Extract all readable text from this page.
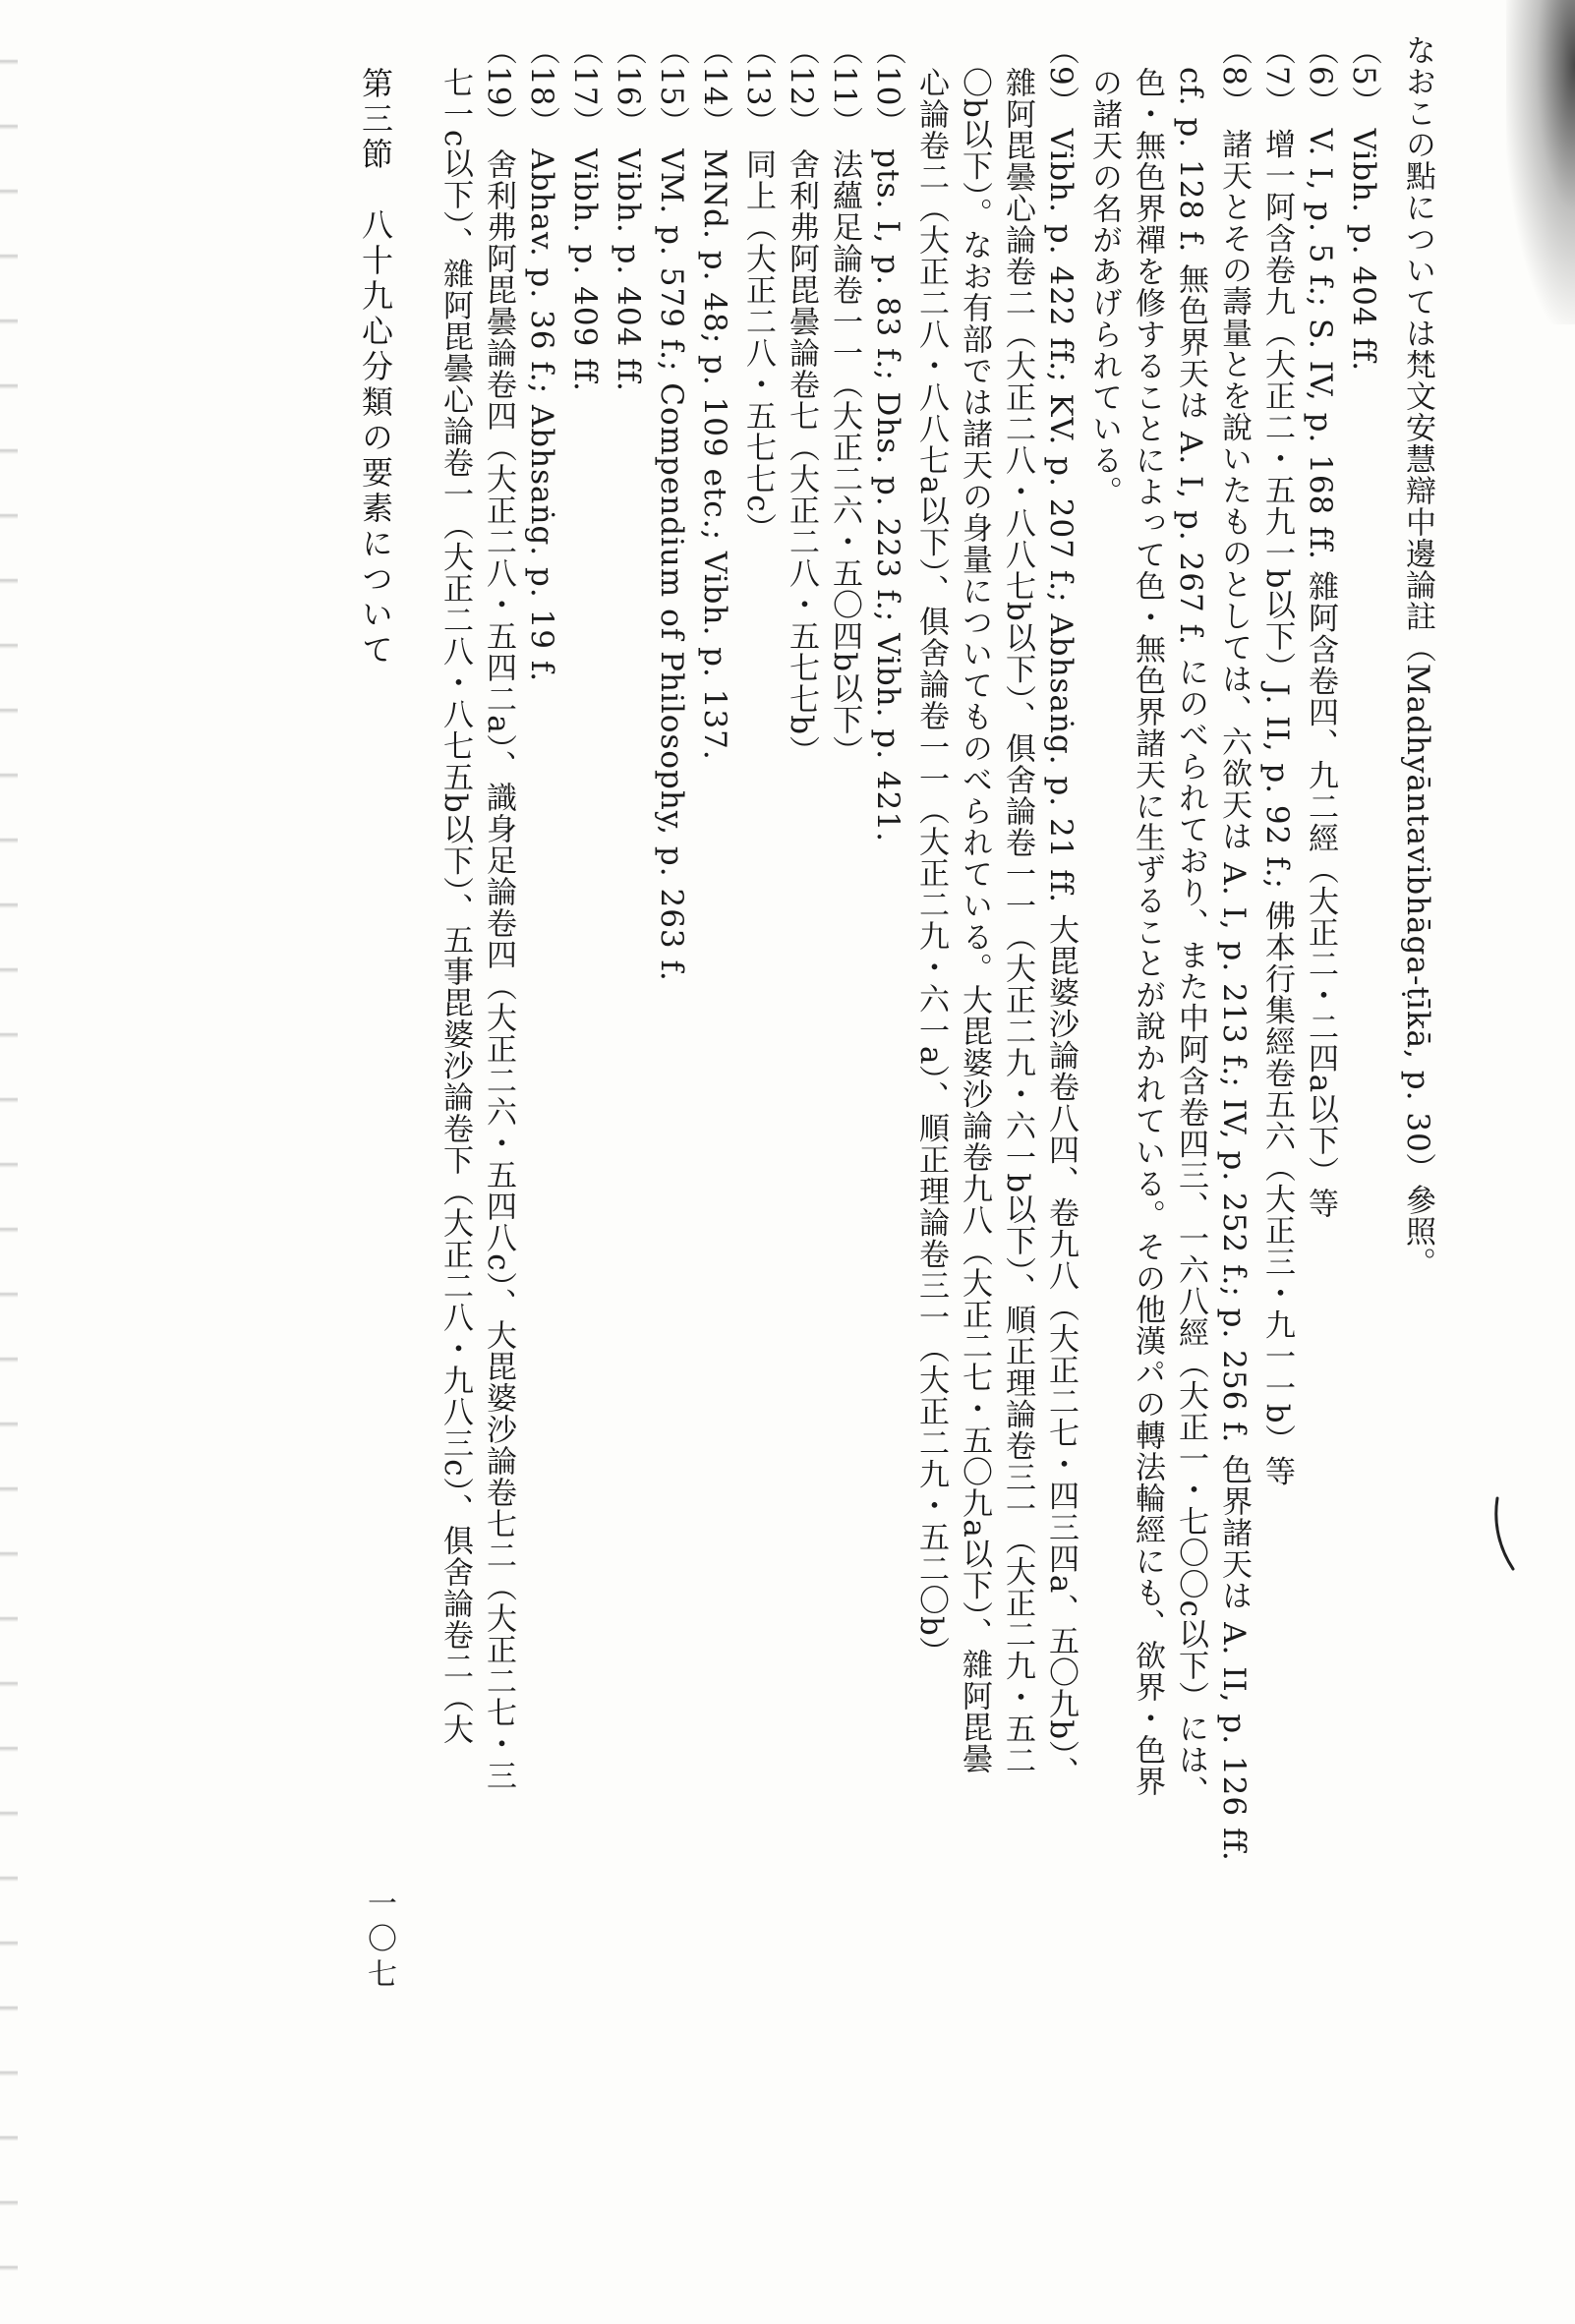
なおこの點については梵文安慧辯中邊論註（Madhyāntavibhāga-ṭīkā, p. 30）參照。
（5） Vibh. p. 404 ff.
（6） V. I, p. 5 f.; S. IV, p. 168 ff. 雜阿含卷四、九二經（大正二・二四a以下）等
（7） 增一阿含卷九（大正二・五九一b以下）J. II, p. 92 f.; 佛本行集經卷五六（大正三・九一一b）等
（8） 諸天とその壽量とを說いたものとしては、六欲天は A. I, p. 213 f.; IV, p. 252 f.; p. 256 f. 色界諸天は A. II, p. 126 ff.
cf. p. 128 f. 無色界天は A. I, p. 267 f. にのべられており、また中阿含卷四三、一六八經（大正一・七〇〇c以下）には、
色・無色界禪を修することによって色・無色界諸天に生ずることが說かれている。その他漢パの轉法輪經にも、欲界・色界
の諸天の名があげられている。
（9） Vibh. p. 422 ff.; KV. p. 207 f.; Abhsaṅg. p. 21 ff. 大毘婆沙論卷八四、卷九八（大正二七・四三四a、五〇九b）、
雜阿毘曇心論卷二（大正二八・八八七b以下）、俱舍論卷一一（大正二九・六一b以下）、順正理論卷三一（大正二九・五二
〇b以下）。なお有部では諸天の身量についてものべられている。大毘婆沙論卷九八（大正二七・五〇九a以下）、雜阿毘曇
心論卷二（大正二八・八八七a以下）、俱舍論卷一一（大正二九・六一a）、順正理論卷三一（大正二九・五二〇b）
（10） pts. I, p. 83 f.; Dhs. p. 223 f.; Vibh. p. 421.
（11） 法蘊足論卷一一（大正二六・五〇四b以下）
（12） 舍利弗阿毘曇論卷七（大正二八・五七七b）
（13） 同上（大正二八・五七七c）
（14） MNd. p. 48; p. 109 etc.; Vibh. p. 137.
（15） VM. p. 579 f.; Compendium of Philosophy, p. 263 f.
（16） Vibh. p. 404 ff.
（17） Vibh. p. 409 ff.
（18） Abhav. p. 36 f.; Abhsaṅg. p. 19 f.
（19） 舍利弗阿毘曇論卷四（大正二八・五四二a）、識身足論卷四（大正二六・五四八c）、大毘婆沙論卷七二（大正二七・三
七一c以下）、雜阿毘曇心論卷一（大正二八・八七五b以下）、五事毘婆沙論卷下（大正二八・九八三c）、俱舍論卷二（大
第三節　八十九心分類の要素について
一〇七
